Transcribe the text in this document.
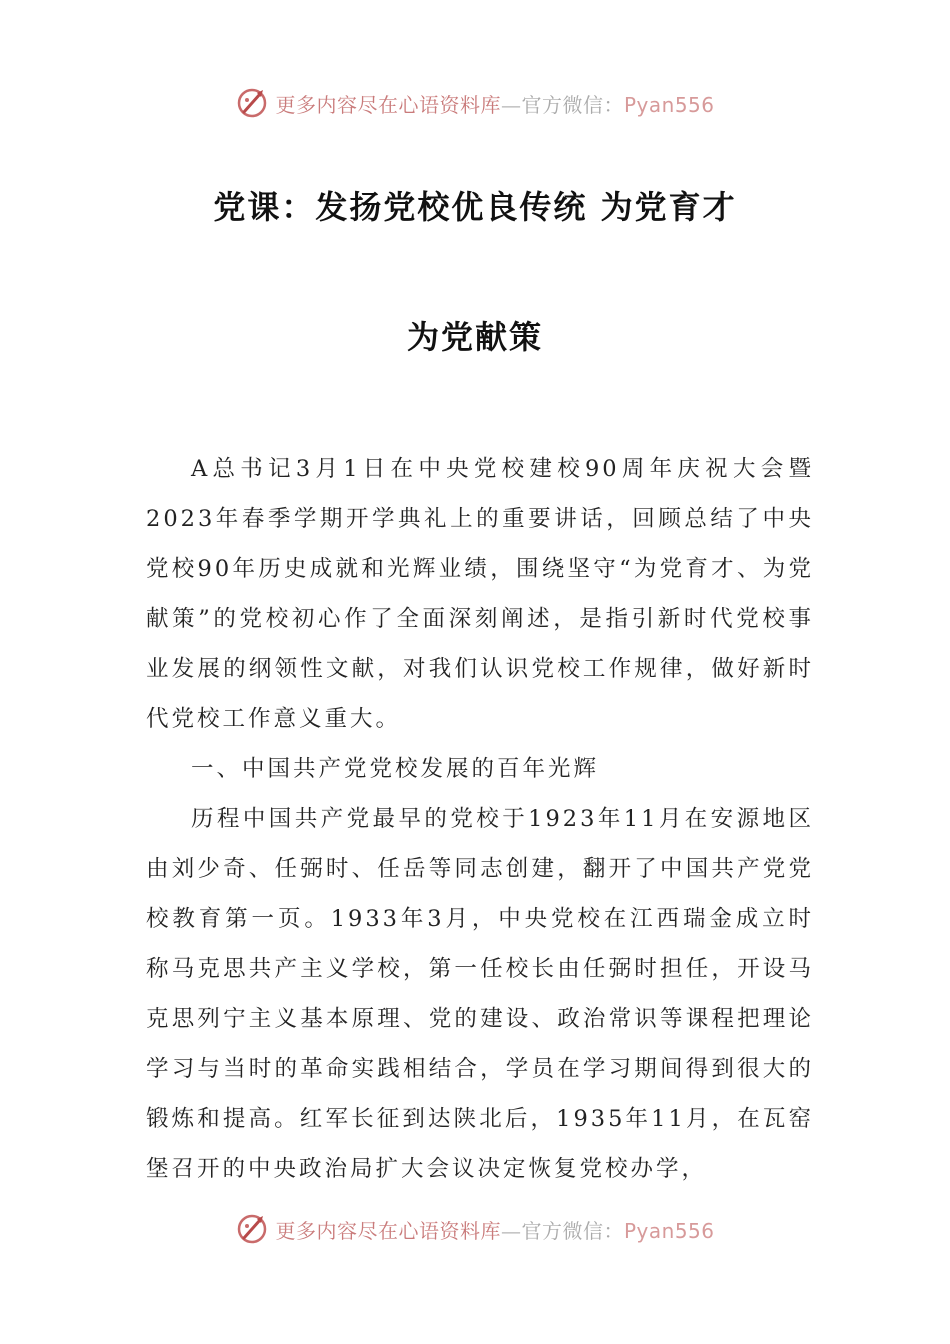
更多内容尽在心语资料库—官方微信：Pyan556
党课：发扬党校优良传统 为党育才
为党献策

A总书记3月1日在中央党校建校90周年庆祝大会暨2023年春季学期开学典礼上的重要讲话，回顾总结了中央党校90年历史成就和光辉业绩，围绕坚守“为党育才、为党献策”的党校初心作了全面深刻阐述，是指引新时代党校事业发展的纲领性文献，对我们认识党校工作规律，做好新时代党校工作意义重大。

一、中国共产党党校发展的百年光辉

历程中国共产党最早的党校于1923年11月在安源地区由刘少奇、任弼时、任岳等同志创建，翻开了中国共产党党校教育第一页。1933年3月，中央党校在江西瑞金成立时称马克思共产主义学校，第一任校长由任弼时担任，开设马克思列宁主义基本原理、党的建设、政治常识等课程把理论学习与当时的革命实践相结合，学员在学习期间得到很大的锻炼和提高。红军长征到达陕北后，1935年11月，在瓦窑堡召开的中央政治局扩大会议决定恢复党校办学，

更多内容尽在心语资料库—官方微信：Pyan556
